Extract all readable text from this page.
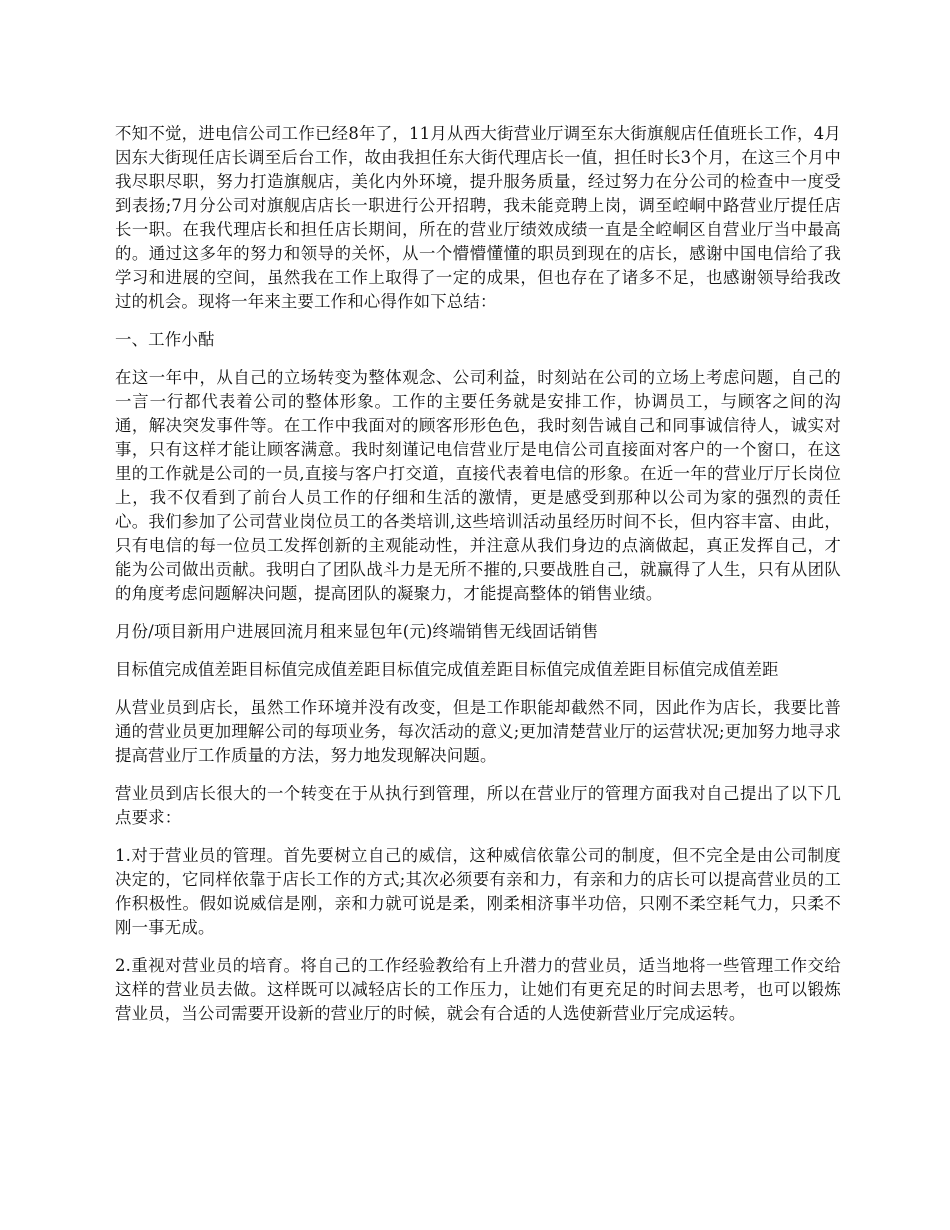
不知不觉，进电信公司工作已经8年了，11月从西大街营业厅调至东大街旗舰店任值班长工作，4月因东大街现任店长调至后台工作，故由我担任东大街代理店长一值，担任时长3个月，在这三个月中我尽职尽职，努力打造旗舰店，美化内外环境，提升服务质量，经过努力在分公司的检查中一度受到表扬;7月分公司对旗舰店店长一职进行公开招聘，我未能竞聘上岗，调至崆峒中路营业厅提任店长一职。在我代理店长和担任店长期间，所在的营业厅绩效成绩一直是全崆峒区自营业厅当中最高的。通过这多年的努力和领导的关怀，从一个懵懵懂懂的职员到现在的店长，感谢中国电信给了我学习和进展的空间，虽然我在工作上取得了一定的成果，但也存在了诸多不足，也感谢领导给我改过的机会。现将一年来主要工作和心得作如下总结：

一、工作小酤

在这一年中，从自己的立场转变为整体观念、公司利益，时刻站在公司的立场上考虑问题，自己的一言一行都代表着公司的整体形象。工作的主要任务就是安排工作，协调员工，与顾客之间的沟通，解决突发事件等。在工作中我面对的顾客形形色色，我时刻告诫自己和同事诚信待人，诚实对事，只有这样才能让顾客满意。我时刻谨记电信营业厅是电信公司直接面对客户的一个窗口，在这里的工作就是公司的一员,直接与客户打交道，直接代表着电信的形象。在近一年的营业厅厅长岗位上，我不仅看到了前台人员工作的仔细和生活的激情，更是感受到那种以公司为家的强烈的责任心。我们参加了公司营业岗位员工的各类培训,这些培训活动虽经历时间不长，但内容丰富、由此，只有电信的每一位员工发挥创新的主观能动性，并注意从我们身边的点滴做起，真正发挥自己，才能为公司做出贡献。我明白了团队战斗力是无所不摧的,只要战胜自己，就赢得了人生，只有从团队的角度考虑问题解决问题，提高团队的凝聚力，才能提高整体的销售业绩。

月份/项目新用户进展回流月租来显包年(元)终端销售无线固话销售

目标值完成值差距目标值完成值差距目标值完成值差距目标值完成值差距目标值完成值差距

从营业员到店长，虽然工作环境并没有改变，但是工作职能却截然不同，因此作为店长，我要比普通的营业员更加理解公司的每项业务，每次活动的意义;更加清楚营业厅的运营状况;更加努力地寻求提高营业厅工作质量的方法，努力地发现解决问题。

营业员到店长很大的一个转变在于从执行到管理，所以在营业厅的管理方面我对自己提出了以下几点要求：

1.对于营业员的管理。首先要树立自己的威信，这种威信依靠公司的制度，但不完全是由公司制度决定的，它同样依靠于店长工作的方式;其次必须要有亲和力，有亲和力的店长可以提高营业员的工作积极性。假如说威信是刚，亲和力就可说是柔，刚柔相济事半功倍，只刚不柔空耗气力，只柔不刚一事无成。

2.重视对营业员的培育。将自己的工作经验教给有上升潜力的营业员，适当地将一些管理工作交给这样的营业员去做。这样既可以减轻店长的工作压力，让她们有更充足的时间去思考，也可以锻炼营业员，当公司需要开设新的营业厅的时候，就会有合适的人选使新营业厅完成运转。
